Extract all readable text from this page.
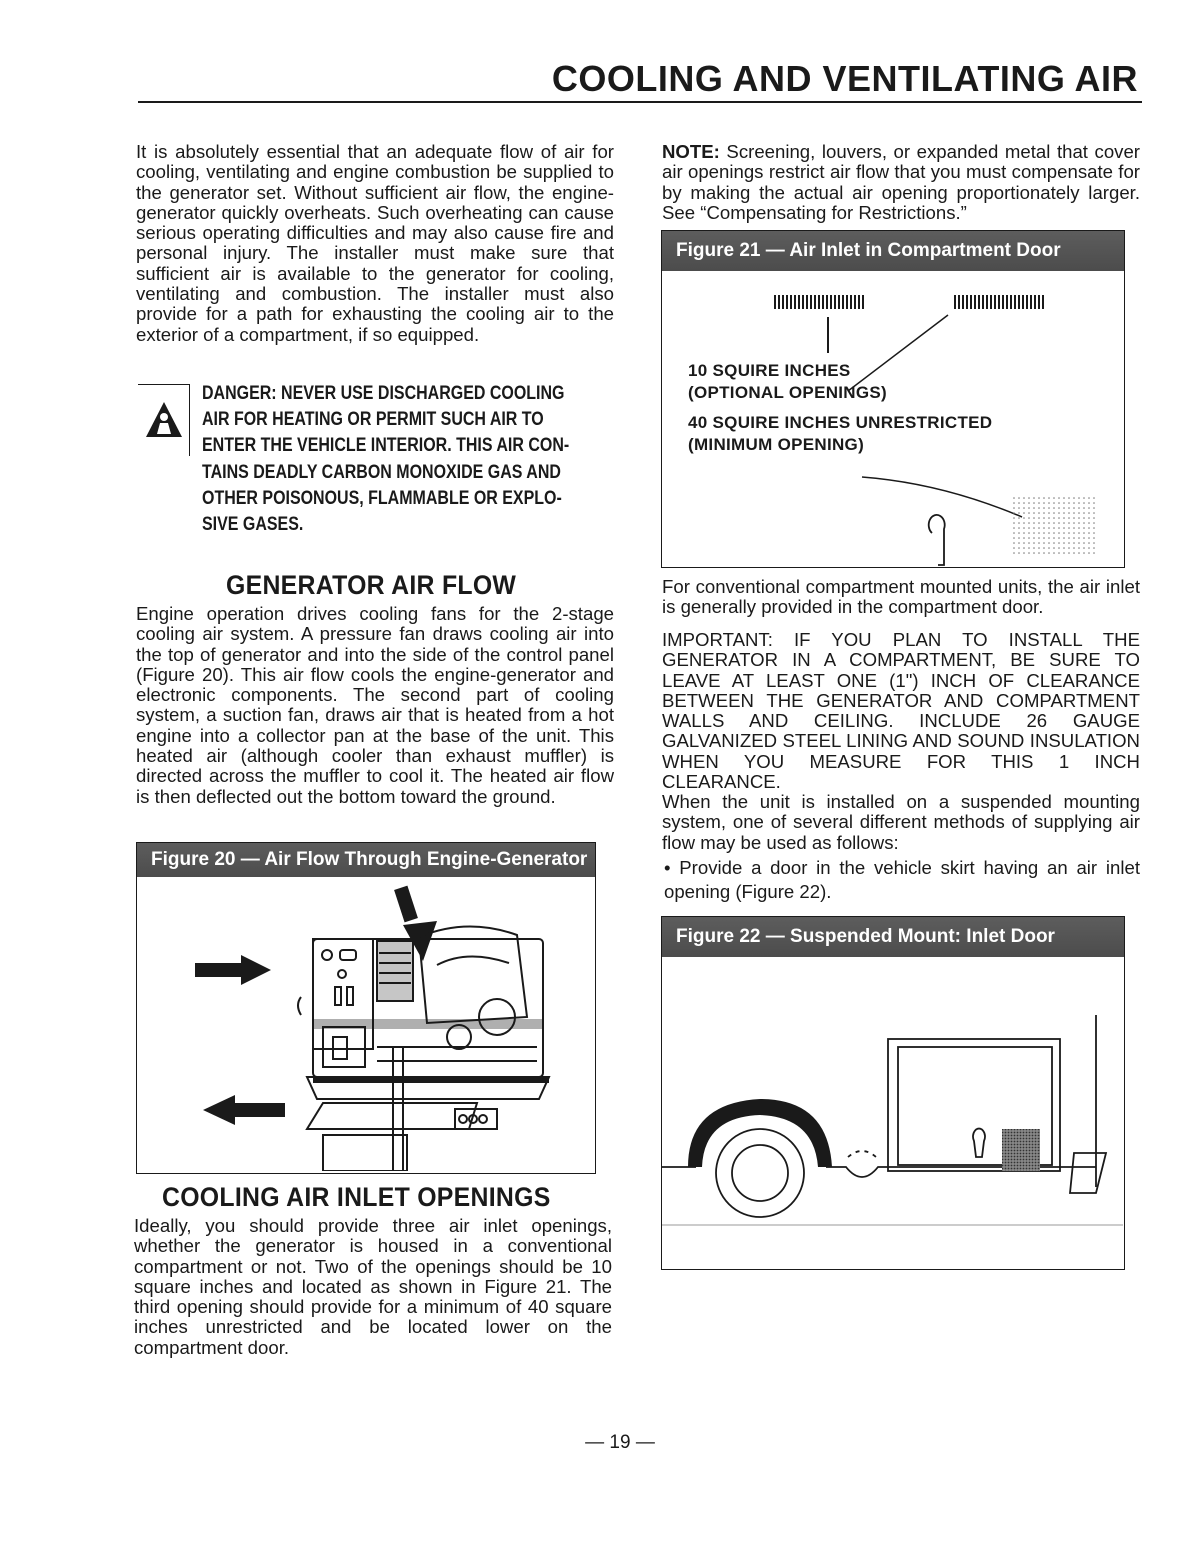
COOLING AND VENTILATING AIR
It is absolutely essential that an adequate flow of air for cooling, ventilating and engine combustion be supplied to the generator set. Without sufficient air flow, the engine-generator quickly overheats. Such overheating can cause serious operating difficulties and may also cause fire and personal injury. The installer must make sure that sufficient air is available to the generator for cooling, ventilating and combustion. The installer must also provide for a path for exhausting the cooling air to the exterior of a compartment, if so equipped.
DANGER: NEVER USE DISCHARGED COOLING
AIR FOR HEATING OR PERMIT SUCH AIR TO
ENTER THE VEHICLE INTERIOR. THIS AIR CON-
TAINS DEADLY CARBON MONOXIDE GAS AND
OTHER POISONOUS, FLAMMABLE OR EXPLO-
SIVE GASES.
GENERATOR AIR FLOW
Engine operation drives cooling fans for the 2-stage cooling air system. A pressure fan draws cooling air into the top of generator and into the side of the control panel (Figure 20). This air flow cools the engine-generator and electronic components. The second part of cooling system, a suction fan, draws air that is heated from a hot engine into a collector pan at the base of the unit. This heated air (although cooler than exhaust muffler) is directed across the muffler to cool it. The heated air flow is then deflected out the bottom toward the ground.
Figure 20 — Air Flow Through Engine-Generator
COOLING AIR INLET OPENINGS
Ideally, you should provide three air inlet openings, whether the generator is housed in a conventional compartment or not. Two of the openings should be 10 square inches and located as shown in Figure 21. The third opening should provide for a minimum of 40 square inches unrestricted and be located lower on the compartment door.
NOTE: Screening, louvers, or expanded metal that cover air openings restrict air flow that you must compensate for by making the actual air opening proportionately larger. See “Compensating for Restrictions.”
Figure 21 — Air Inlet in Compartment Door
10 SQUIRE INCHES
(OPTIONAL OPENINGS)
40 SQUIRE INCHES UNRESTRICTED
(MINIMUM OPENING)
For conventional compartment mounted units, the air inlet is generally provided in the compartment door.
IMPORTANT: IF YOU PLAN TO INSTALL THE GENERATOR IN A COMPARTMENT, BE SURE TO LEAVE AT LEAST ONE (1") INCH OF CLEARANCE BETWEEN THE GENERATOR AND COMPARTMENT WALLS AND CEILING. INCLUDE 26 GAUGE GALVANIZED STEEL LINING AND SOUND INSULATION WHEN YOU MEASURE FOR THIS 1 INCH CLEARANCE.
When the unit is installed on a suspended mounting system, one of several different methods of supplying air flow may be used as follows:
• Provide a door in the vehicle skirt having an air inlet opening (Figure 22).
Figure 22 — Suspended Mount: Inlet Door
— 19 —
